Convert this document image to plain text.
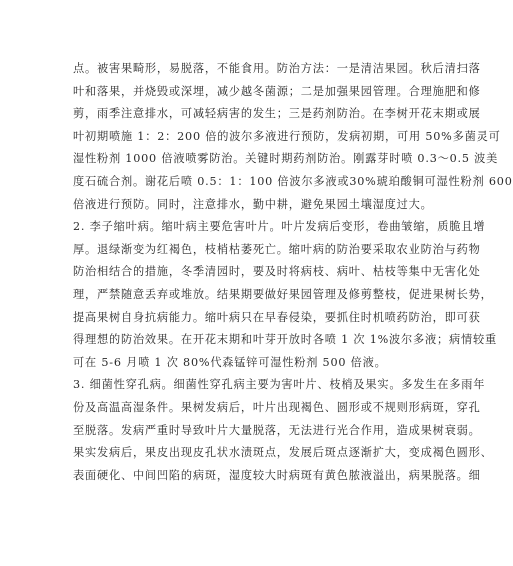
点。被害果畸形，易脱落，不能食用。防治方法：一是清洁果园。秋后清扫落
叶和落果，并烧毁或深埋，减少越冬菌源；二是加强果园管理。合理施肥和修
剪，雨季注意排水，可减轻病害的发生；三是药剂防治。在李树开花末期或展
叶初期喷施 1：2：200 倍的波尔多液进行预防，发病初期，可用 50%多菌灵可
湿性粉剂 1000 倍液喷雾防治。关键时期药剂防治。刚露芽时喷 0.3～0.5 波美
度石硫合剂。谢花后喷 0.5：1：100 倍波尔多液或30%琥珀酸铜可湿性粉剂 600
倍液进行预防。同时，注意排水，勤中耕，避免果园土壤湿度过大。
2. 李子缩叶病。缩叶病主要危害叶片。叶片发病后变形，卷曲皱缩，质脆且增
厚。退绿渐变为红褐色，枝梢枯萎死亡。缩叶病的防治要采取农业防治与药物
防治相结合的措施，冬季清园时，要及时将病枝、病叶、枯枝等集中无害化处
理，严禁随意丢弃或堆放。结果期要做好果园管理及修剪整枝，促进果树长势，
提高果树自身抗病能力。缩叶病只在早春侵染，要抓住时机喷药防治，即可获
得理想的防治效果。在开花末期和叶芽开放时各喷 1 次 1%波尔多液；病情较重
可在 5-6 月喷 1 次 80%代森锰锌可湿性粉剂 500 倍液。
3. 细菌性穿孔病。细菌性穿孔病主要为害叶片、枝梢及果实。多发生在多雨年
份及高温高湿条件。果树发病后，叶片出现褐色、圆形或不规则形病斑，穿孔
至脱落。发病严重时导致叶片大量脱落，无法进行光合作用，造成果树衰弱。
果实发病后，果皮出现皮孔状水渍斑点，发展后斑点逐渐扩大，变成褐色圆形、
表面硬化、中间凹陷的病斑，湿度较大时病斑有黄色脓液溢出，病果脱落。细
